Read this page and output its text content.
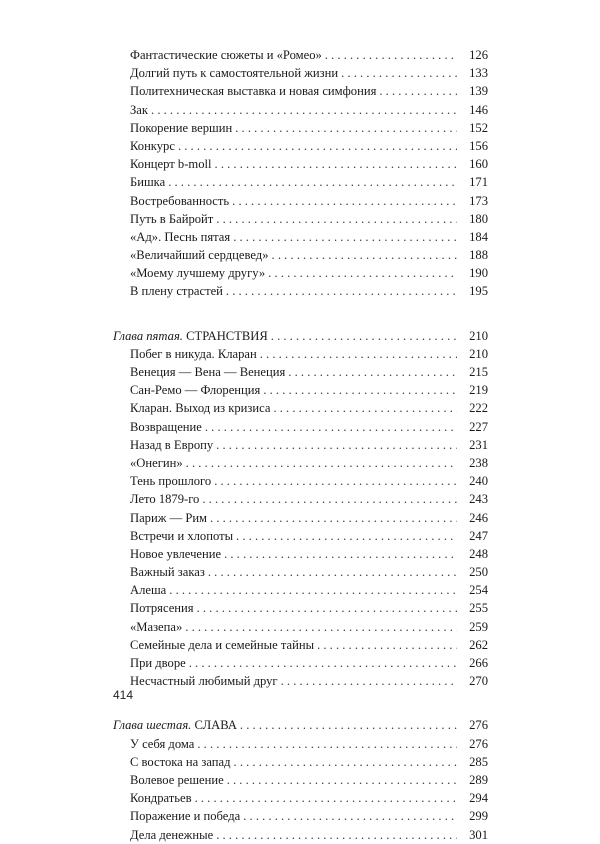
Фантастические сюжеты и «Ромео» . . .	126
Долгий путь к самостоятельной жизни . . .	133
Политехническая выставка и новая симфония . . .	139
Зак . . .	146
Покорение вершин . . .	152
Конкурс . . .	156
Концерт b-moll . . .	160
Бишка . . .	171
Востребованность . . .	173
Путь в Байройт . . .	180
«Ад». Песнь пятая . . .	184
«Величайший сердцевед» . . .	188
«Моему лучшему другу» . . .	190
В плену страстей . . .	195
Глава пятая. СТРАНСТВИЯ . . .	210
Побег в никуда. Кларан . . .	210
Венеция — Вена — Венеция . . .	215
Сан-Ремо — Флоренция . . .	219
Кларан. Выход из кризиса . . .	222
Возвращение . . .	227
Назад в Европу . . .	231
«Онегин» . . .	238
Тень прошлого . . .	240
Лето 1879-го . . .	243
Париж — Рим . . .	246
Встречи и хлопоты . . .	247
Новое увлечение . . .	248
Важный заказ . . .	250
Алеша . . .	254
Потрясения . . .	255
«Мазепа» . . .	259
Семейные дела и семейные тайны . . .	262
При дворе . . .	266
Несчастный любимый друг . . .	270
Глава шестая. СЛАВА . . .	276
У себя дома . . .	276
С востока на запад . . .	285
Волевое решение . . .	289
Кондратьев . . .	294
Поражение и победа . . .	299
Дела денежные . . .	301
414
